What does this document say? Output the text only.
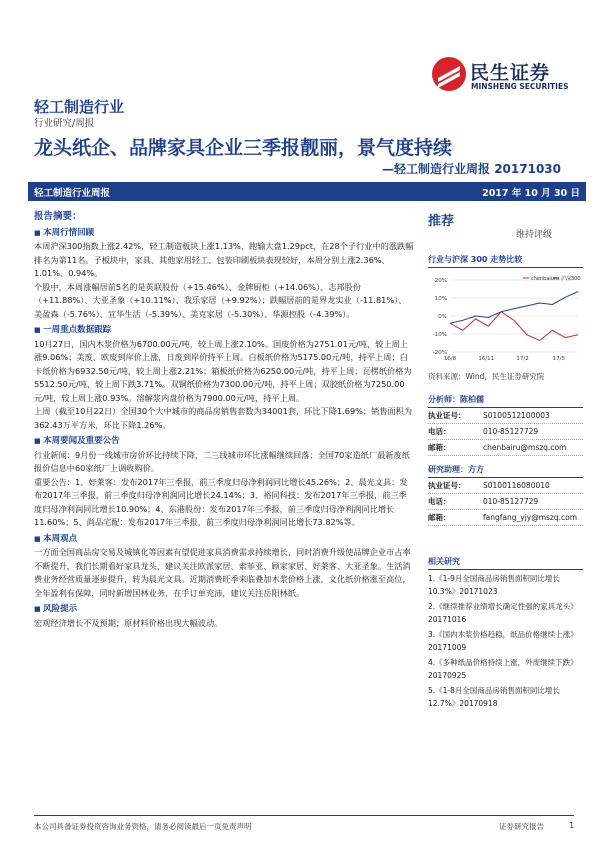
民生证券
MINSHENG SECURITIES
轻工制造行业
行业研究/周报
龙头纸企、品牌家具企业三季报靓丽，景气度持续
—轻工制造行业周报 20171030
轻工制造行业周报	2017 年 10 月 30 日
报告摘要：
■ 本周行情回顾
本周沪深300指数上涨2.42%，轻工制造板块上涨1.13%，跑输大盘1.29pct，在28个子行业中的涨跌幅排名为第11名。子板块中，家具、其他家用轻工、包装印刷板块表现较好，本周分别上涨2.36%、1.01%、0.94%。
个股中，本周涨幅居前5名的是英联股份（+15.46%）、金牌厨柜（+14.06%）、志邦股份（+11.88%）、大亚圣象（+10.11%）、我乐家居（+9.92%）；跌幅居前的是界龙实业（-11.81%）、美盈森（-5.76%）、宜华生活（-5.39%）、美克家居（-5.30%）、华源控股（-4.39%）。
■ 一周重点数据跟踪
10月27日，国内木浆价格为6700.00元/吨，较上周上涨2.10%。国废价格为2751.01元/吨，较上周上涨9.06%；美废、欧废到岸价上涨，日废到岸价持平上周。白板纸价格为5175.00元/吨，持平上周；白卡纸价格为6932.50元/吨，较上周上涨2.21%；箱板纸价格为6250.00元/吨，持平上周；瓦楞纸价格为5512.50元/吨，较上周下跌3.71%。双铜纸价格为7300.00元/吨，持平上周；双胶纸价格为7250.00元/吨，较上周上涨0.93%。溶解浆内盘价格为7900.00元/吨，持平上周。
上周（截至10月22日）全国30个大中城市的商品房销售套数为34001套，环比下降1.69%；销售面积为362.43万平方米，环比下降1.26%。
■ 本周要闻及重要公告
行业新闻：9月份一线城市房价环比持续下降，二三线城市环比涨幅继续回落；全国70家造纸厂最新废纸报价信息中60家纸厂上调收购价。
重要公告：1、好莱客：发布2017年三季报，前三季度归母净利润同比增长45.26%；2、晨光文具：发布2017年三季报，前三季度归母净利润同比增长24.14%；3、裕同科技：发布2017年三季报，前三季度归母净利润同比增长10.90%；4、东港股份：发布2017年三季报，前三季度归母净利润同比增长11.60%；5、尚品宅配：发布2017年三季报，前三季度归母净利润同比增长73.82%等。
■ 本周观点
一方面全国商品房交易及城镇化等因素有望促进家具消费需求持续增长，同时消费升级使品牌企业市占率不断提升，我们长期看好家具龙头，建议关注欧派家居、索菲亚、顾家家居、好莱客、大亚圣象。生活消费业务经营质量逐步提升，转为晨光文具。近期消费旺季来临叠加木浆价格上涨，文化纸价格涨至高位，全年盈利有保障，同时新增国林业务，在手订单充沛，建议关注岳阳林纸。
■ 风险提示
宏观经济增长不及预期；原材料价格出现大幅波动。
推荐
维持评级
行业与沪深 300 走势比较
20%
10%
0%
-10%
-20%
16/8	16/11	17/2	17/5
chenbaiuru 沪深300
资料来源：Wind，民生证券研究院
分析师：陈柏儒
执业证号：	S0100512100003
电话：	010-85127729
邮箱：	chenbairu@mszq.com
研究助理：方方
执业证号：	S0100116080010
电话：	010-85127729
邮箱：	fangfang_yjy@mszq.com
相关研究
1.《1-9月全国商品房销售面积同比增长10.3%》20171023
2.《继续推荐业绩增长确定性强的家具龙头》20171016
3.《国内木浆价格趋稳，纸品价格继续上涨》20171009
4.《多种纸品价格持续上涨，外废继续下跌》20170925
5.《1-8月全国商品房销售面积同比增长12.7%》20170918
本公司具备证券投资咨询业务资格，请务必阅读最后一页免责声明	证券研究报告	1
